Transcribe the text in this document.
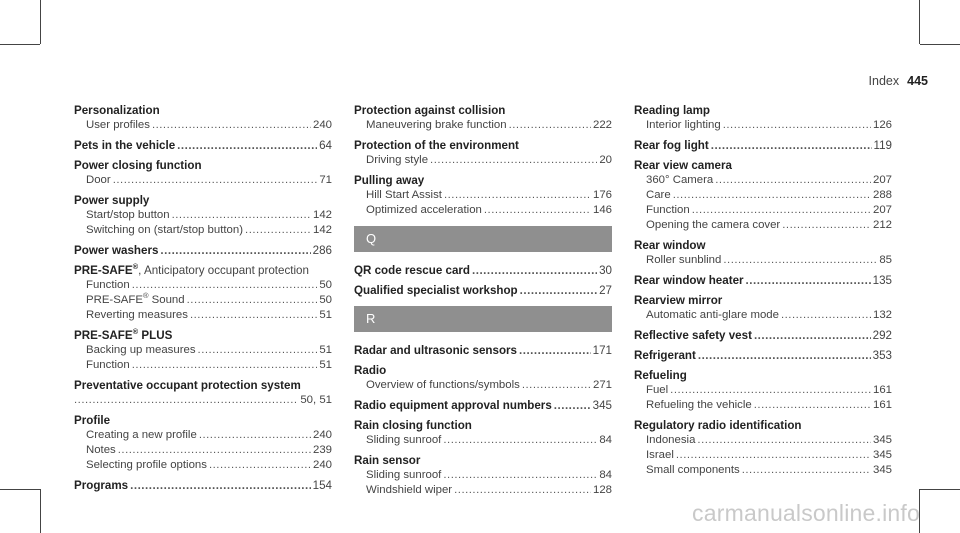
Index 445
Personalization
User profiles .....	240
Pets in the vehicle .....	64
Power closing function
Door .....	71
Power supply
Start/stop button .....	142
Switching on (start/stop button) .....	142
Power washers .....	286
PRE-SAFE®, Anticipatory occupant protection
Function .....	50
PRE-SAFE® Sound .....	50
Reverting measures .....	51
PRE-SAFE® PLUS
Backing up measures .....	51
Function .....	51
Preventative occupant protection system
.....
50, 51
Profile
Creating a new profile .....	240
Notes .....	239
Selecting profile options .....	240
Programs .....	154
Protection against collision
Maneuvering brake function .....	222
Protection of the environment
Driving style .....	20
Pulling away
Hill Start Assist .....	176
Optimized acceleration .....	146
Q
QR code rescue card .....	30
Qualified specialist workshop .....	27
R
Radar and ultrasonic sensors .....	171
Radio
Overview of functions/symbols .....	271
Radio equipment approval numbers .....	345
Rain closing function
Sliding sunroof .....	84
Rain sensor
Sliding sunroof .....	84
Windshield wiper .....	128
Reading lamp
Interior lighting .....	126
Rear fog light .....	119
Rear view camera
360° Camera .....	207
Care .....	288
Function .....	207
Opening the camera cover .....	212
Rear window
Roller sunblind .....	85
Rear window heater .....	135
Rearview mirror
Automatic anti-glare mode .....	132
Reflective safety vest .....	292
Refrigerant .....	353
Refueling
Fuel .....	161
Refueling the vehicle .....	161
Regulatory radio identification
Indonesia .....	345
Israel .....	345
Small components .....	345
carmanualsonline.info
